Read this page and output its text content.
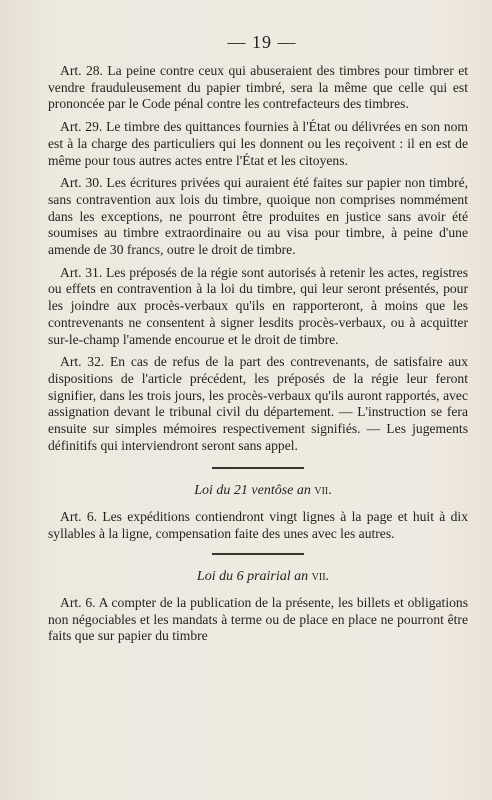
— 19 —

Art. 28. La peine contre ceux qui abuseraient des timbres pour timbrer et vendre frauduleusement du papier timbré, sera la même que celle qui est prononcée par le Code pénal contre les contrefacteurs des timbres.

Art. 29. Le timbre des quittances fournies à l'État ou délivrées en son nom est à la charge des particuliers qui les donnent ou les reçoivent : il en est de même pour tous autres actes entre l'État et les citoyens.

Art. 30. Les écritures privées qui auraient été faites sur papier non timbré, sans contravention aux lois du timbre, quoique non comprises nommément dans les exceptions, ne pourront être produites en justice sans avoir été soumises au timbre extraordinaire ou au visa pour timbre, à peine d'une amende de 30 francs, outre le droit de timbre.

Art. 31. Les préposés de la régie sont autorisés à retenir les actes, registres ou effets en contravention à la loi du timbre, qui leur seront présentés, pour les joindre aux procès-verbaux qu'ils en rapporteront, à moins que les contrevenants ne consentent à signer lesdits procès-verbaux, ou à acquitter sur-le-champ l'amende encourue et le droit de timbre.

Art. 32. En cas de refus de la part des contrevenants, de satisfaire aux dispositions de l'article précédent, les préposés de la régie leur feront signifier, dans les trois jours, les procès-verbaux qu'ils auront rapportés, avec assignation devant le tribunal civil du département. — L'instruction se fera ensuite sur simples mémoires respectivement signifiés. — Les jugements définitifs qui interviendront seront sans appel.

Loi du 21 ventôse an vii.

Art. 6. Les expéditions contiendront vingt lignes à la page et huit à dix syllables à la ligne, compensation faite des unes avec les autres.

Loi du 6 prairial an vii.

Art. 6. A compter de la publication de la présente, les billets et obligations non négociables et les mandats à terme ou de place en place ne pourront être faits que sur papier du timbre
